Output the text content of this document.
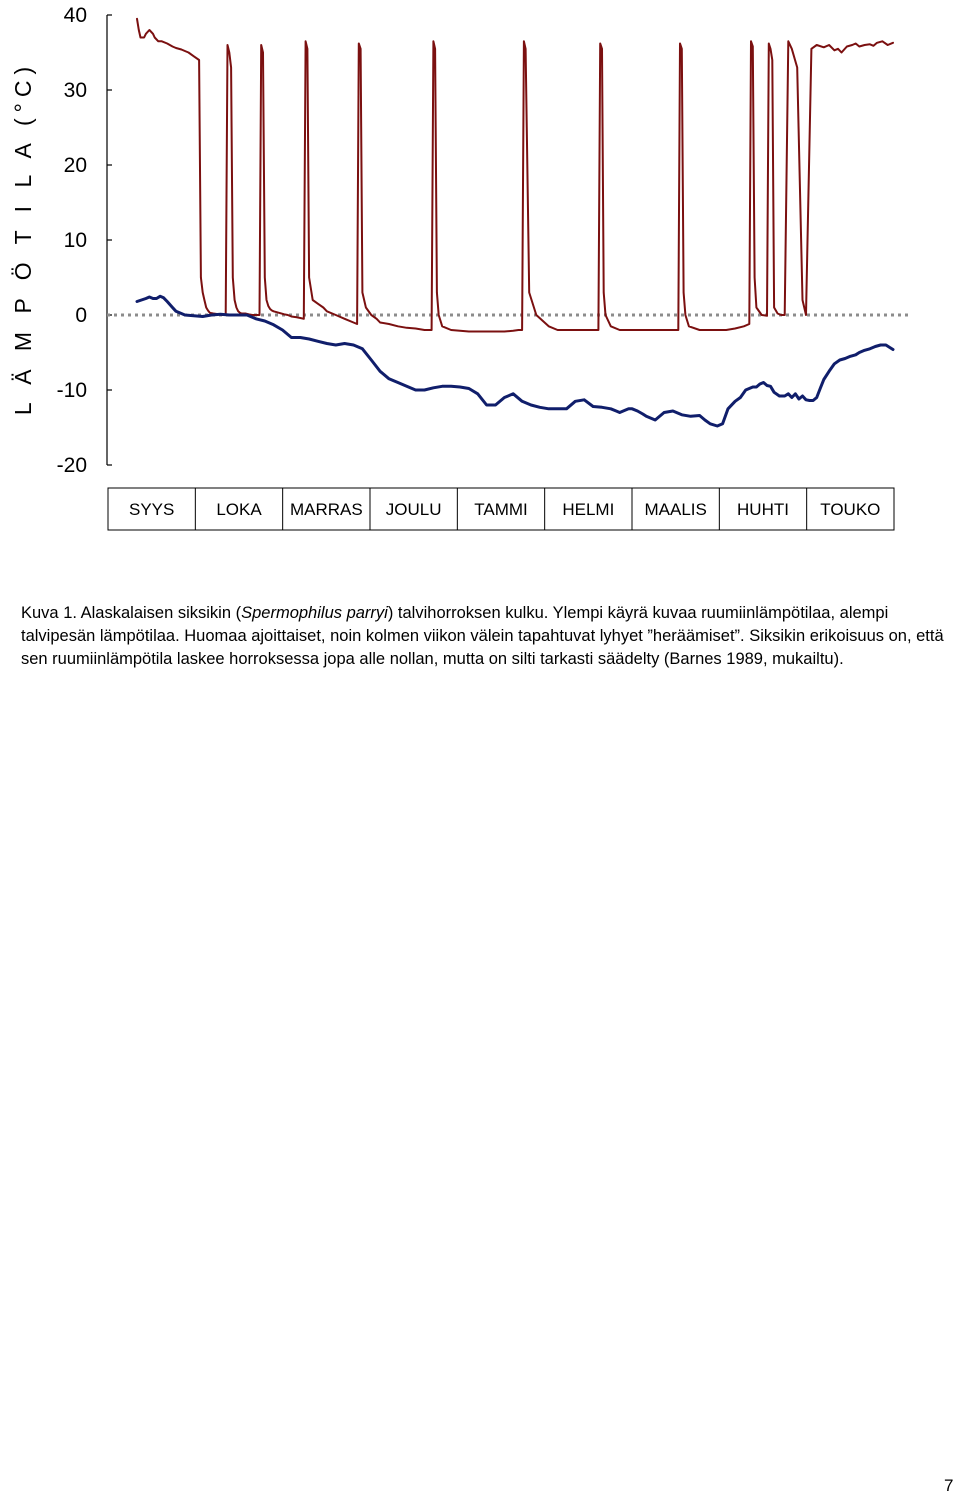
L Ä M P Ö T I L A (°C)
40
30
20
10
0
-10
-20
SYYS LOKA MARRAS JOULU TAMMI HELMI MAALIS HUHTI TOUKO

Kuva 1. Alaskalaisen siksikin (Spermophilus parryi) talvihorroksen kulku. Ylempi käyrä kuvaa ruumiinlämpötilaa, alempi talvipesän lämpötilaa. Huomaa ajoittaiset, noin kolmen viikon välein tapahtuvat lyhyet ”heräämiset”. Siksikin erikoisuus on, että sen ruumiinlämpötila laskee horroksessa jopa alle nollan, mutta on silti tarkasti säädelty (Barnes 1989, mukailtu).

7
